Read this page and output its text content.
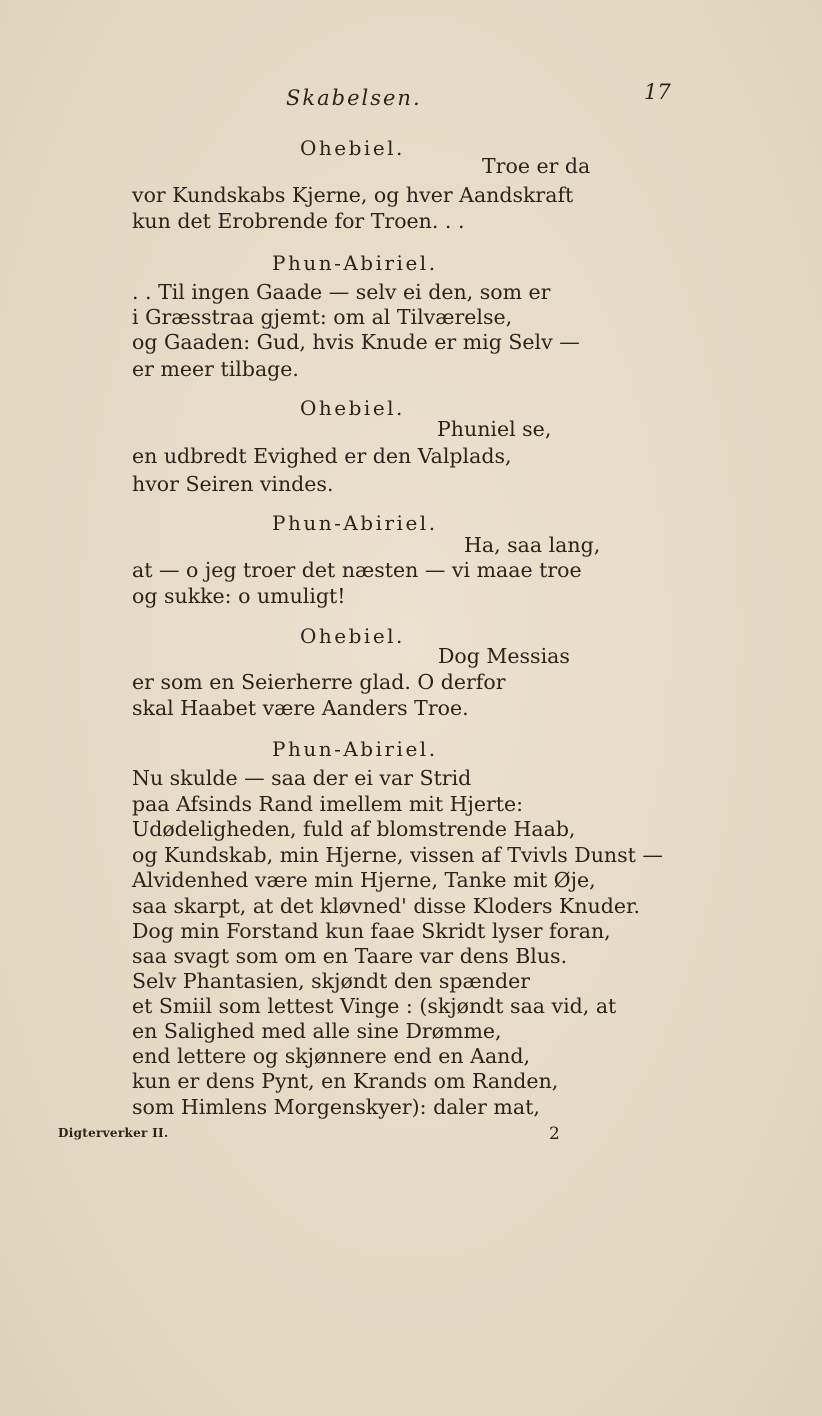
Skabelsen.	17
Ohebiel.
Troe er da
vor Kundskabs Kjerne, og hver Aandskraft
kun det Erobrende for Troen. . .
Phun-Abiriel.
. . Til ingen Gaade — selv ei den, som er
i Græsstraa gjemt: om al Tilværelse,
og Gaaden: Gud, hvis Knude er mig Selv —
er meer tilbage.
Ohebiel.
Phuniel se,
en udbredt Evighed er den Valplads,
hvor Seiren vindes.
Phun-Abiriel.
Ha, saa lang,
at — o jeg troer det næsten — vi maae troe
og sukke: o umuligt!
Ohebiel.
Dog Messias
er som en Seierherre glad. O derfor
skal Haabet være Aanders Troe.
Phun-Abiriel.
Nu skulde — saa der ei var Strid
paa Afsinds Rand imellem mit Hjerte:
Udødeligheden, fuld af blomstrende Haab,
og Kundskab, min Hjerne, vissen af Tvivls Dunst —
Alvidenhed være min Hjerne, Tanke mit Øje,
saa skarpt, at det kløvned' disse Kloders Knuder.
Dog min Forstand kun faae Skridt lyser foran,
saa svagt som om en Taare var dens Blus.
Selv Phantasien, skjøndt den spænder
et Smiil som lettest Vinge : (skjøndt saa vid, at
en Salighed med alle sine Drømme,
end lettere og skjønnere end en Aand,
kun er dens Pynt, en Krands om Randen,
som Himlens Morgenskyer): daler mat,
Digterverker II.	2
